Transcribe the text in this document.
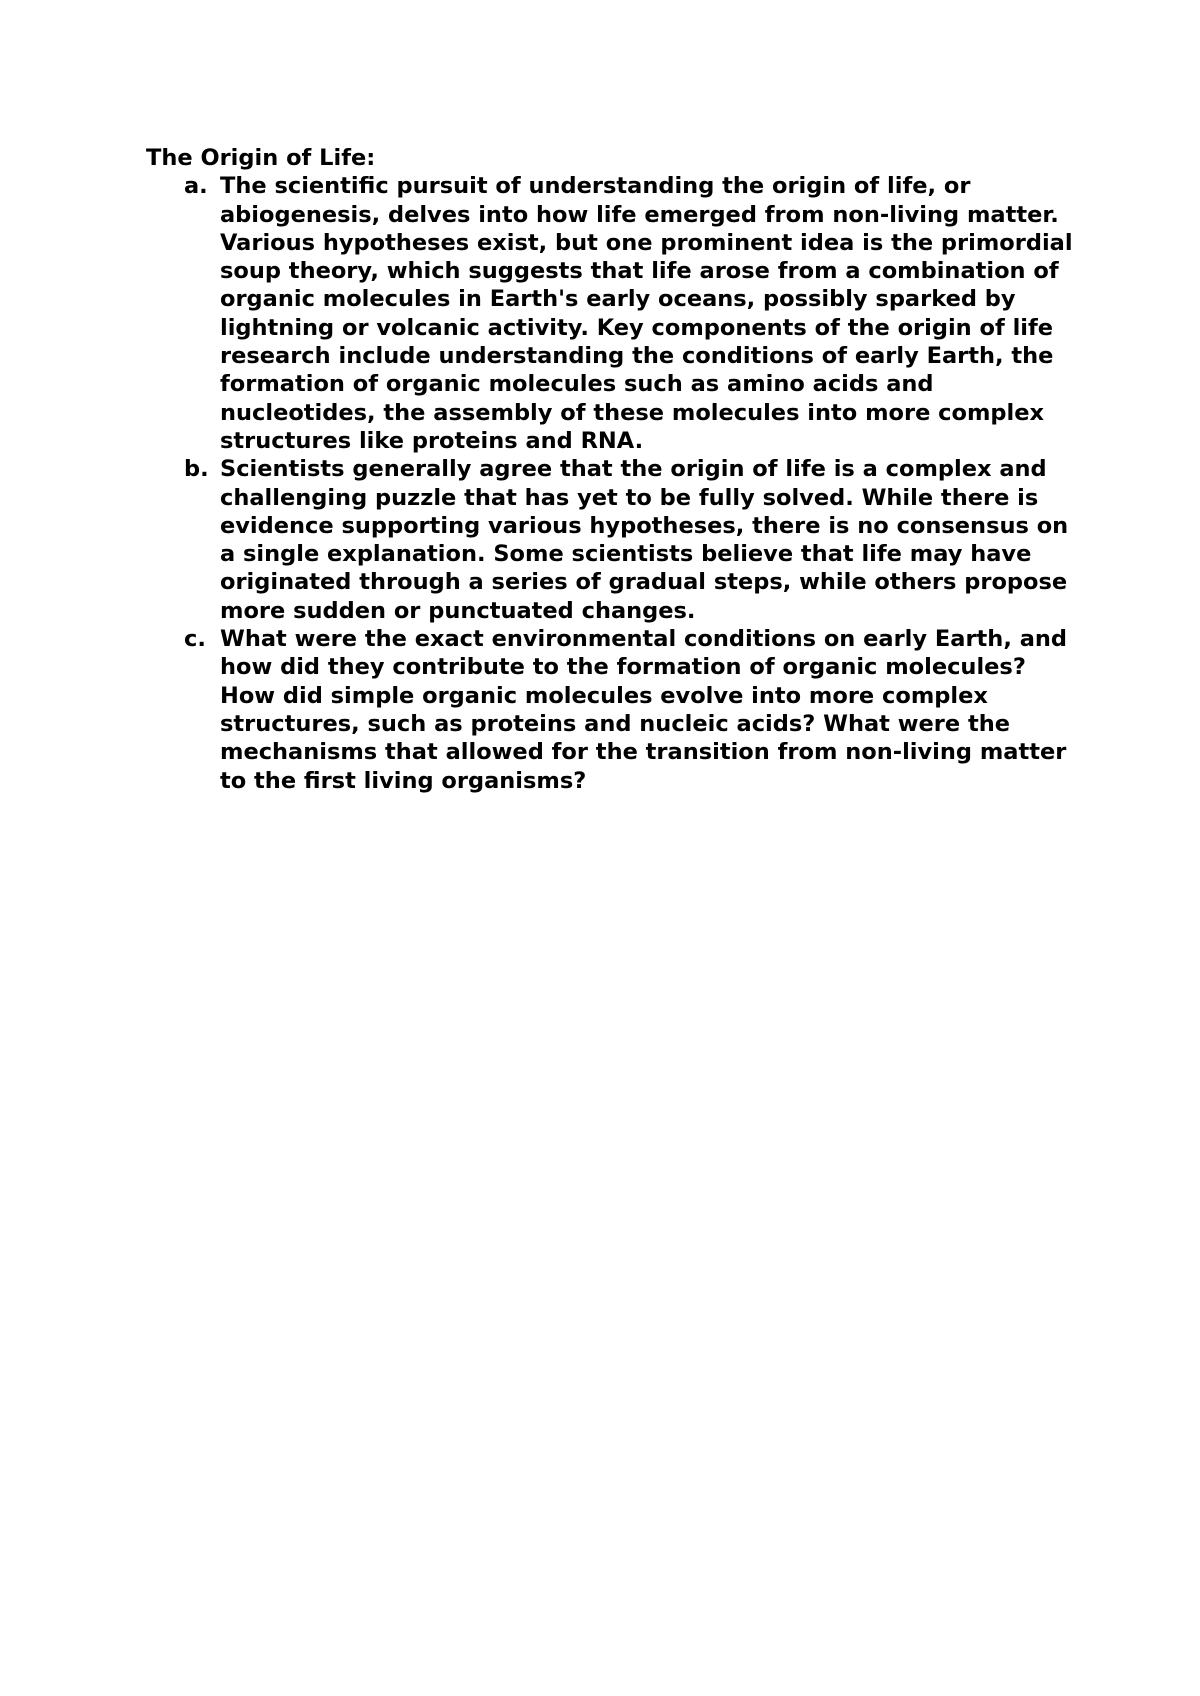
The Origin of Life:
a. The scientific pursuit of understanding the origin of life, or abiogenesis, delves into how life emerged from non-living matter. Various hypotheses exist, but one prominent idea is the primordial soup theory, which suggests that life arose from a combination of organic molecules in Earth's early oceans, possibly sparked by lightning or volcanic activity. Key components of the origin of life research include understanding the conditions of early Earth, the formation of organic molecules such as amino acids and nucleotides, the assembly of these molecules into more complex structures like proteins and RNA.
b. Scientists generally agree that the origin of life is a complex and challenging puzzle that has yet to be fully solved. While there is evidence supporting various hypotheses, there is no consensus on a single explanation. Some scientists believe that life may have originated through a series of gradual steps, while others propose more sudden or punctuated changes.
c. What were the exact environmental conditions on early Earth, and how did they contribute to the formation of organic molecules? How did simple organic molecules evolve into more complex structures, such as proteins and nucleic acids? What were the mechanisms that allowed for the transition from non-living matter to the first living organisms?
